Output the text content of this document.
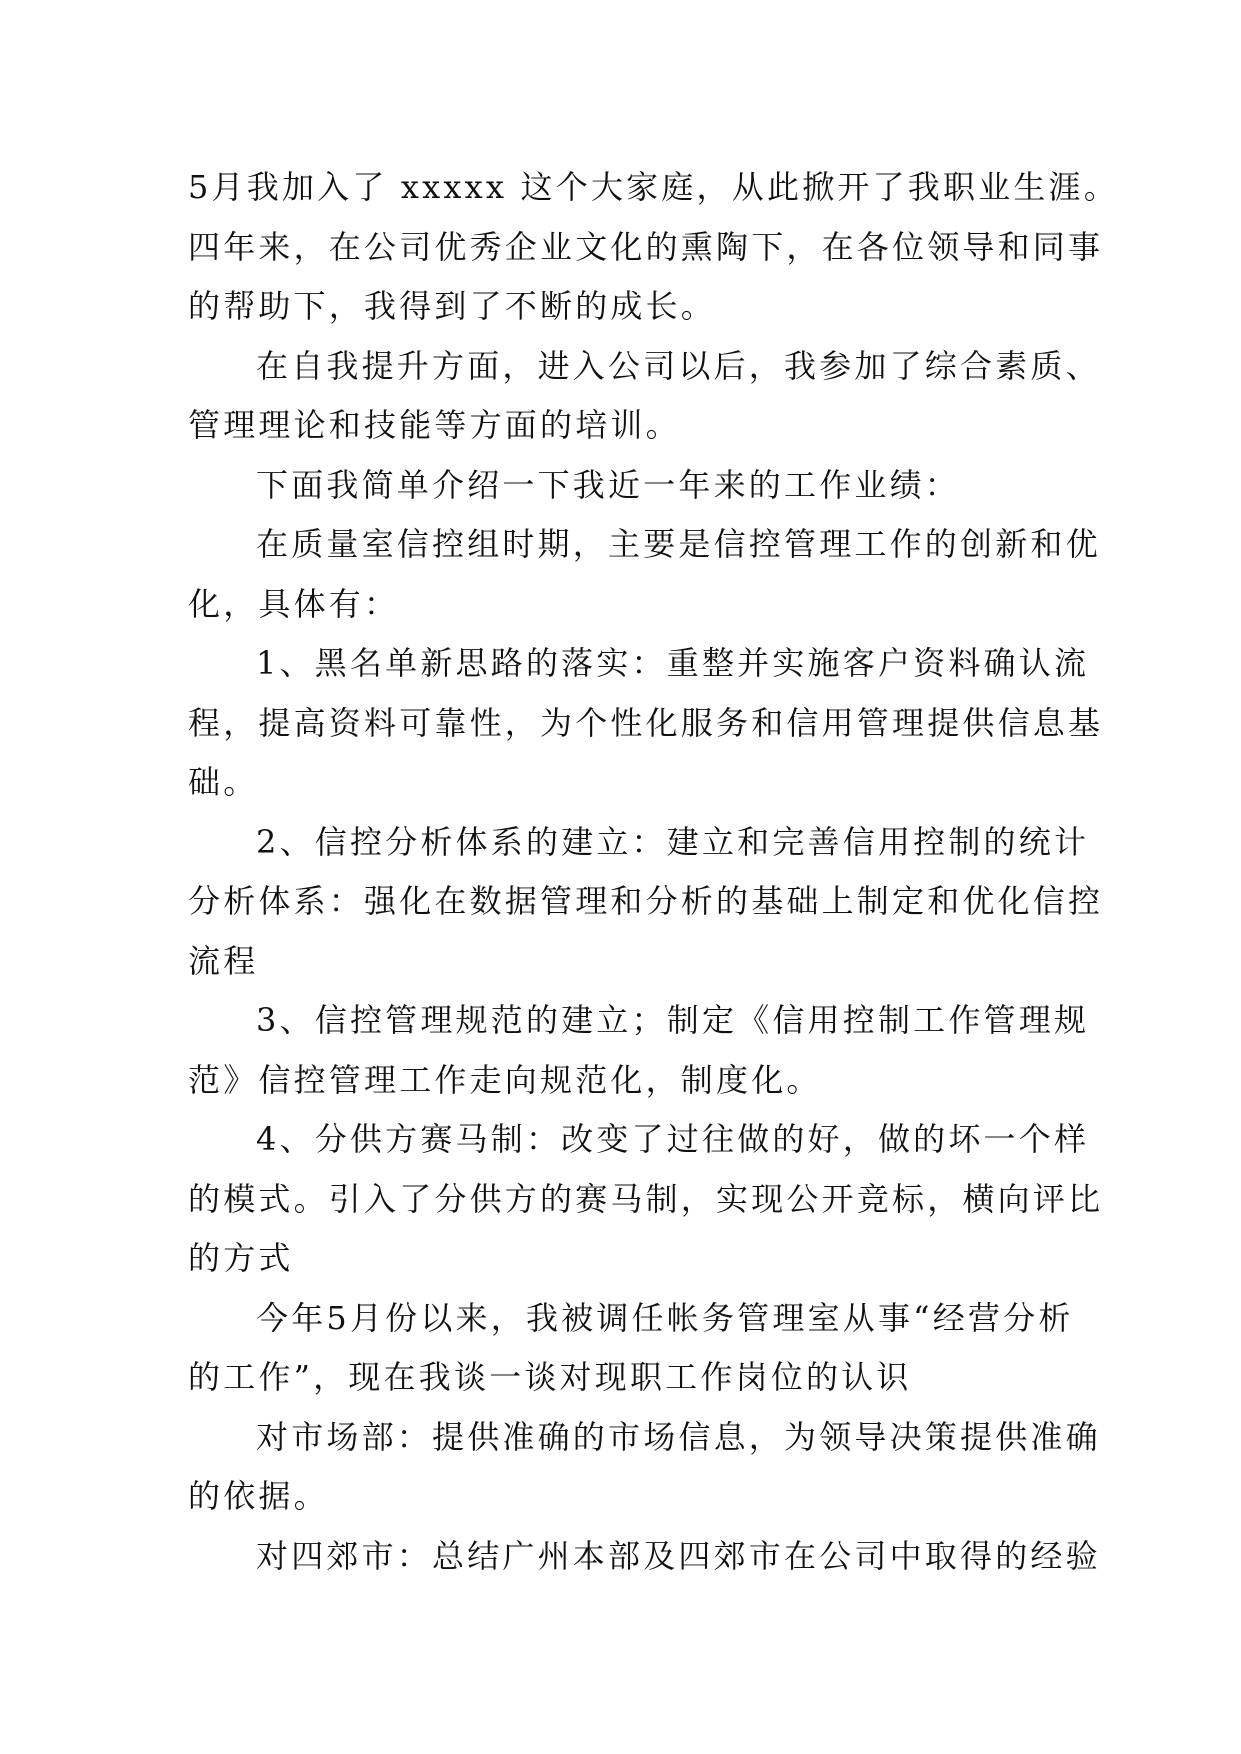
5月我加入了 xxxxx 这个大家庭，从此掀开了我职业生涯。
四年来，在公司优秀企业文化的熏陶下，在各位领导和同事
的帮助下，我得到了不断的成长。
在自我提升方面，进入公司以后，我参加了综合素质、
管理理论和技能等方面的培训。
下面我简单介绍一下我近一年来的工作业绩：
在质量室信控组时期，主要是信控管理工作的创新和优
化，具体有：
1、黑名单新思路的落实：重整并实施客户资料确认流
程，提高资料可靠性，为个性化服务和信用管理提供信息基
础。
2、信控分析体系的建立：建立和完善信用控制的统计
分析体系：强化在数据管理和分析的基础上制定和优化信控
流程
3、信控管理规范的建立；制定《信用控制工作管理规
范》信控管理工作走向规范化，制度化。
4、分供方赛马制：改变了过往做的好，做的坏一个样
的模式。引入了分供方的赛马制，实现公开竞标，横向评比
的方式
今年5月份以来，我被调任帐务管理室从事“经营分析
的工作”，现在我谈一谈对现职工作岗位的认识
对市场部：提供准确的市场信息，为领导决策提供准确
的依据。
对四郊市：总结广州本部及四郊市在公司中取得的经验
